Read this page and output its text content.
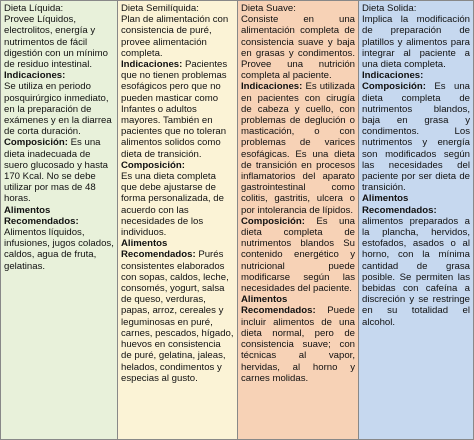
Dieta Líquida:

Provee Líquidos, electrolitos, energía y nutrimentos de fácil digestión con un mínimo de residuo intestinal.

Indicaciones:

Se utiliza en periodo posquirúrgico inmediato, en la preparación de exámenes y en la diarrea de corta duración.

Composición: Es una dieta inadecuada de suero glucosado y hasta 170 Kcal. No se debe utilizar por mas de 48 horas.

Alimentos Recomendados:

Alimentos líquidos, infusiones, jugos colados, caldos, agua de fruta, gelatinas.

Dieta Semilíquida:

Plan de alimentación con consistencia de puré, provee alimentación completa.

Indicaciones: Pacientes que no tienen problemas esofágicos pero que no pueden masticar como Infantes o adultos mayores. También en pacientes que no toleran alimentos solidos como dieta de transición.

Composición:

Es una dieta completa que debe ajustarse de forma personalizada, de acuerdo con las necesidades de los individuos.

Alimentos Recomendados: Purés consistentes elaborados con sopas, caldos, leche, consomés, yogurt, salsa de queso, verduras, papas, arroz, cereales y leguminosas en puré, carnes, pescados, hígado, huevos en consistencia de puré, gelatina, jaleas, helados, condimentos y especias al gusto.

Dieta Suave:

Consiste en una alimentación completa de consistencia suave y baja en grasas y condimentos. Provee una nutrición completa al paciente.

Indicaciones: Es utilizada en pacientes con cirugía de cabeza y cuello, con problemas de deglución o masticación, o con problemas de varices esofágicas. Es una dieta de transición en procesos inflamatorios del aparato gastrointestinal como colitis, gastritis, ulcera o por intolerancia de lípidos.

Composición: Es una dieta completa de nutrimentos blandos Su contenido energético y nutricional puede modificarse según las necesidades del paciente.

Alimentos Recomendados: Puede incluir alimentos de una dieta normal, pero de consistencia suave; con técnicas al vapor, hervidas, al horno y carnes molidas.

Dieta Solida:

Implica la modificación de preparación de platillos y alimentos para integrar al paciente a una dieta completa.

Indicaciones:

Composición: Es una dieta completa de nutrimentos blandos, baja en grasa y condimentos. Los nutrimentos y energía son modificados según las necesidades del paciente por ser dieta de transición.

Alimentos Recomendados:

alimentos preparados a la plancha, hervidos, estofados, asados o al horno, con la mínima cantidad de grasa posible. Se permiten las bebidas con cafeína a discreción y se restringe en su totalidad el alcohol.
